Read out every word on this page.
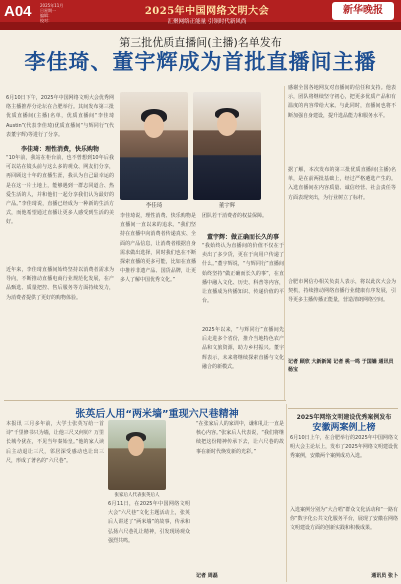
A04 2025年11月
日星期一
编辑：
校对：
2025年中国网络文明大会
汇聚网络正能量 引领时代新风尚
新华晚报
第三批优质直播间(主播)名单发布
李佳琦、董宇辉成为首批直播间主播
6月10日下午，2025年中国网络文明大会优秀网络主播推荐分论坛在合肥举行。其间发布第三批优质直播间(主播)名单，优质直播间“李佳琦Austin”(代表李佳琦)优质直播间“与辉同行”(代表董宇辉)等进行了分享。
李佳琦：理性消费，快乐购物
“10年前，我站在柜台前，也不曾想到10年后我可以站在镜头前与这么多的观众、网友们分享，再回顾这十年的直播生涯，我认为自己最幸运的是在这一片土地上，能够遇到一群志同道合、热爱生活的人，并和他们一起分享我们认为最好的产品。”李佳琦说，直播已经成为一种新的生活方式，而他希望通过直播让更多人感受到生活的美好。
近年来，李佳琦直播间始终坚持以消费者需求为导向，不断推动直播电商行业规范化发展，在产品甄选、质量把控、售后服务等方面持续发力，为消费者提供了更好的购物体验。
李佳琦	董宇辉
李佳琦说，理性消费、快乐购物是直播间一直以来的追求。“我们坚持在直播中向消费者传递真实、全面的产品信息，让消费者根据自身需求做出选择，同时我们也在不断探索直播的更多可能，比如在直播中推荐非遗产品、国货品牌，让更多人了解中国优秀文化。”
团队若干消费者的权益保障。
董宇辉：做正确而长久的事
“我始终认为直播间的价值不仅在于卖出了多少货，更在于向用户传递了什么。”董宇辉说，“与辉同行”直播间始终坚持“做正确而长久的事”，在直播中融入文化、历史、科普等内容，让直播成为传播知识、传递价值的平台。
2025年以来，“与辉同行”直播间先后走进多个省份，推介当地特色农产品和文旅资源，助力乡村振兴。董宇辉表示，未来将继续探索直播与文化融合的新模式。
感谢全国各地网友对直播间的信任和支持。他表示，团队将继续坚守初心，把更多优质产品和有温度的内容带给大家。与此同时，直播间也将不断加强自身建设，提升选品能力和服务水平。
据了解，本次发布的第三批优质直播间(主播)名单，是在前两批基础上，经过严格遴选产生的。入选直播间在内容质量、诚信经营、社会责任等方面表现突出，为行业树立了标杆。
合肥市网信办相关负责人表示，将以此次大会为契机，持续推动网络直播行业健康有序发展，引导更多主播传播正能量，营造清朗网络空间。
记者 顾欣 大新新闻 记者 桃一鸣 于国嫱 通讯员 杨宝
张英后人用“两米墙”重现六尺巷精神
本报讯 三月多年前，大学士张英写给一首诗“千里修书只为墙，让他三尺又何妨？万里长城今犹在，不见当年秦始皇。”他的家人读后主动退让三尺，邻居深受感动也让出三尺，形成了著名的“六尺巷”。
张家后人代表张英后人
6月11日，在2025年中国网络文明大会“六尺巷”文化主题活动上，张英后人讲述了“两米墙”的故事，传承和弘扬六尺巷礼让精神，引发现场观众强烈共鸣。
“在张家后人的家训中，谦和礼让一直是核心内容。”张家后人代表说，“我们将继续把这份精神传承下去，让六尺巷的故事在新时代焕发新的光彩。”
记者 周磊
2025年网络文明建设优秀案例发布
安徽两案例上榜
6月10日上午，在合肥举行的2025年中国网络文明大会主论坛上，发布了2025年网络文明建设优秀案例，安徽两个案例成功入选。
入选案例分别为“大合唱”群众文化活动和“一路有你”数字化公共文化服务平台，展现了安徽在网络文明建设方面的创新实践和积极成果。
通讯员 张卜
